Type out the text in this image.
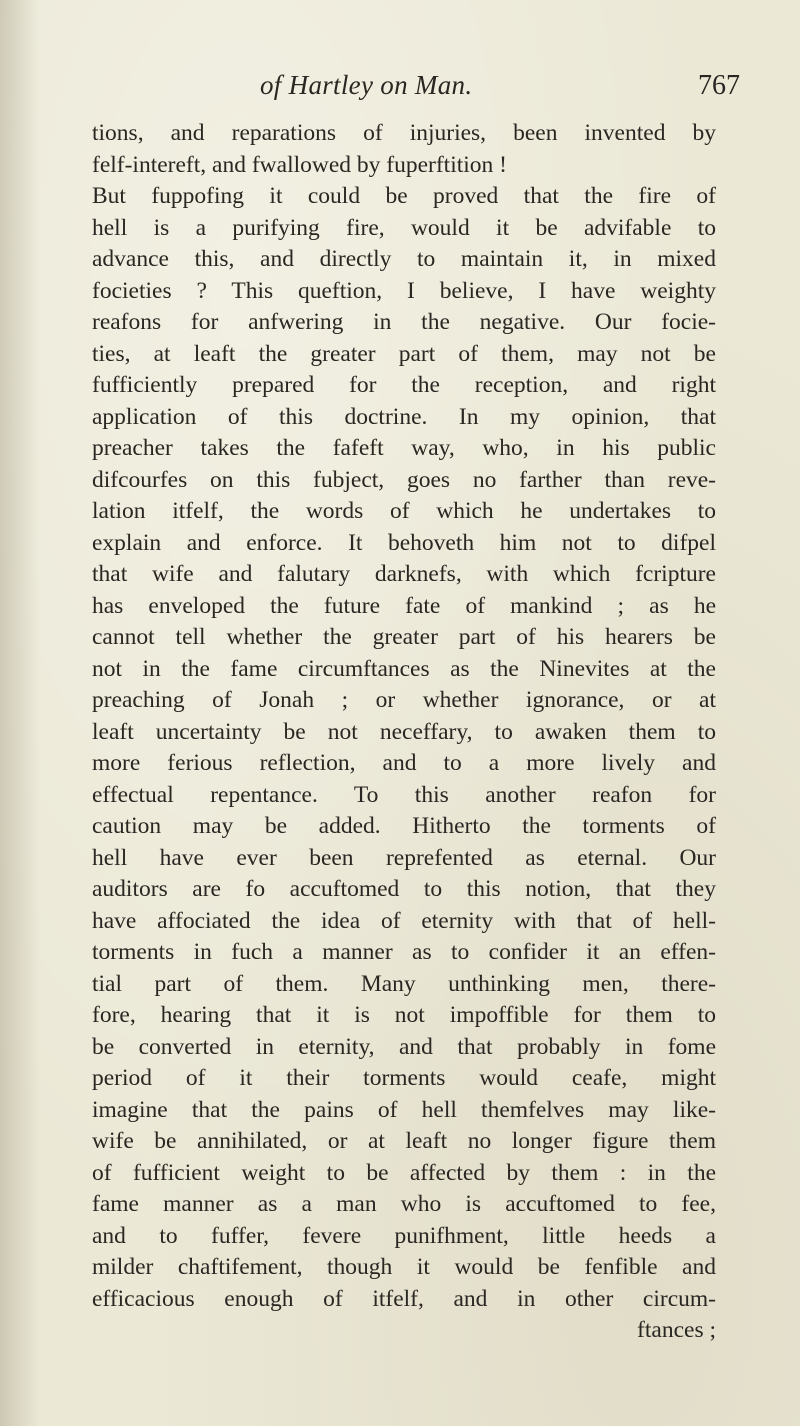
of Hartley on Man.	767
tions, and reparations of injuries, been invented by
felf-intereft, and fwallowed by fuperftition !
But fuppofing it could be proved that the fire of
hell is a purifying fire, would it be advifable to
advance this, and directly to maintain it, in mixed
focieties ? This queftion, I believe, I have weighty
reafons for anfwering in the negative. Our focie-
ties, at leaft the greater part of them, may not be
fufficiently prepared for the reception, and right
application of this doctrine. In my opinion, that
preacher takes the fafeft way, who, in his public
difcourfes on this fubject, goes no farther than reve-
lation itfelf, the words of which he undertakes to
explain and enforce. It behoveth him not to difpel
that wife and falutary darknefs, with which fcripture
has enveloped the future fate of mankind ; as he
cannot tell whether the greater part of his hearers be
not in the fame circumftances as the Ninevites at the
preaching of Jonah ; or whether ignorance, or at
leaft uncertainty be not neceffary, to awaken them to
more ferious reflection, and to a more lively and
effectual repentance. To this another reafon for
caution may be added. Hitherto the torments of
hell have ever been reprefented as eternal. Our
auditors are fo accuftomed to this notion, that they
have affociated the idea of eternity with that of hell-
torments in fuch a manner as to confider it an effen-
tial part of them. Many unthinking men, there-
fore, hearing that it is not impoffible for them to
be converted in eternity, and that probably in fome
period of it their torments would ceafe, might
imagine that the pains of hell themfelves may like-
wife be annihilated, or at leaft no longer figure them
of fufficient weight to be affected by them : in the
fame manner as a man who is accuftomed to fee,
and to fuffer, fevere punifhment, little heeds a
milder chaftifement, though it would be fenfible and
efficacious enough of itfelf, and in other circum-
ftances ;
